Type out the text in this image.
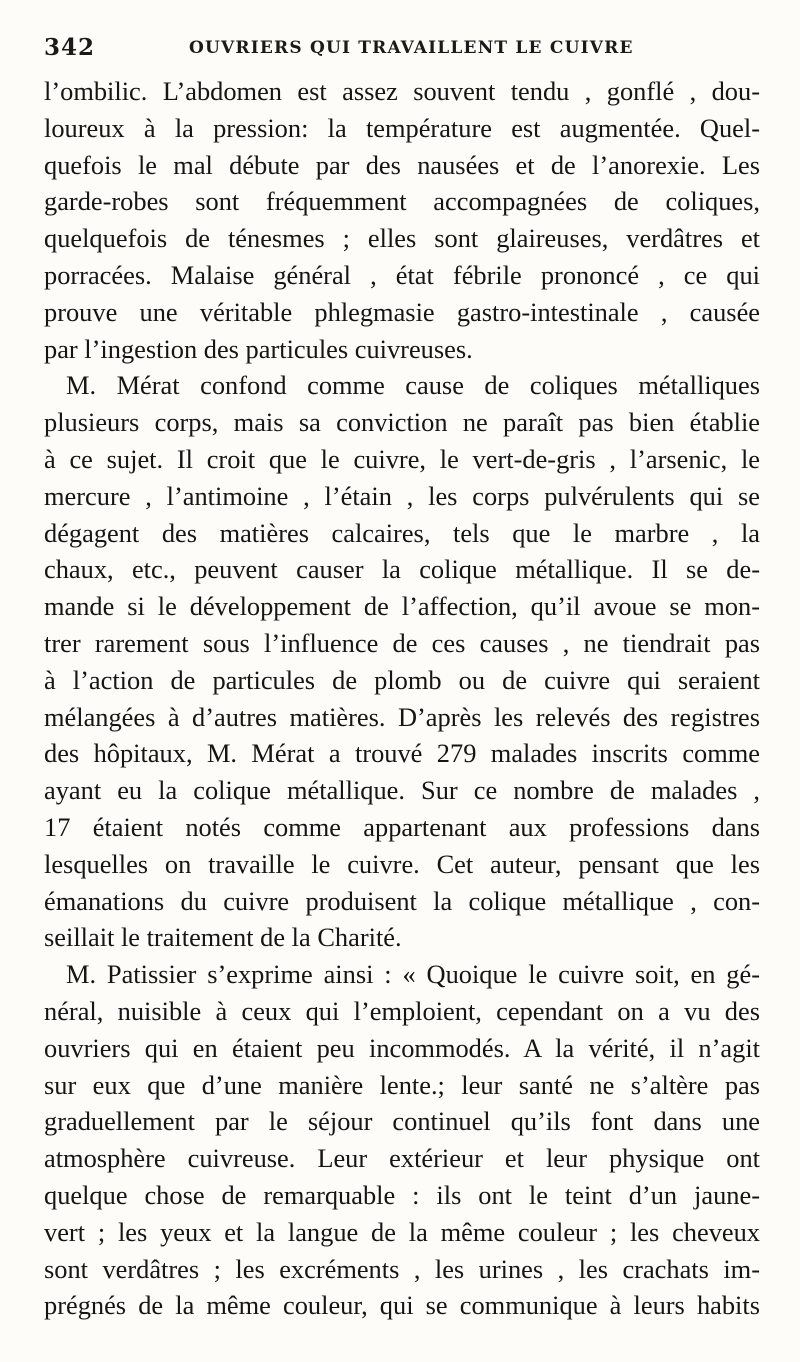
342	OUVRIERS QUI TRAVAILLENT LE CUIVRE
l’ombilic. L’abdomen est assez souvent tendu , gonflé , dou-
loureux à la pression: la température est augmentée. Quel-
quefois le mal débute par des nausées et de l’anorexie. Les
garde-robes sont fréquemment accompagnées de coliques,
quelquefois de ténesmes ; elles sont glaireuses, verdâtres et
porracées. Malaise général , état fébrile prononcé , ce qui
prouve une véritable phlegmasie gastro-intestinale , causée
par l’ingestion des particules cuivreuses.
M. Mérat confond comme cause de coliques métalliques
plusieurs corps, mais sa conviction ne paraît pas bien établie
à ce sujet. Il croit que le cuivre, le vert-de-gris , l’arsenic, le
mercure , l’antimoine , l’étain , les corps pulvérulents qui se
dégagent des matières calcaires, tels que le marbre , la
chaux, etc., peuvent causer la colique métallique. Il se de-
mande si le développement de l’affection, qu’il avoue se mon-
trer rarement sous l’influence de ces causes , ne tiendrait pas
à l’action de particules de plomb ou de cuivre qui seraient
mélangées à d’autres matières. D’après les relevés des registres
des hôpitaux, M. Mérat a trouvé 279 malades inscrits comme
ayant eu la colique métallique. Sur ce nombre de malades ,
17 étaient notés comme appartenant aux professions dans
lesquelles on travaille le cuivre. Cet auteur, pensant que les
émanations du cuivre produisent la colique métallique , con-
seillait le traitement de la Charité.
M. Patissier s’exprime ainsi : « Quoique le cuivre soit, en gé-
néral, nuisible à ceux qui l’emploient, cependant on a vu des
ouvriers qui en étaient peu incommodés. A la vérité, il n’agit
sur eux que d’une manière lente.; leur santé ne s’altère pas
graduellement par le séjour continuel qu’ils font dans une
atmosphère cuivreuse. Leur extérieur et leur physique ont
quelque chose de remarquable : ils ont le teint d’un jaune-
vert ; les yeux et la langue de la même couleur ; les cheveux
sont verdâtres ; les excréments , les urines , les crachats im-
prégnés de la même couleur, qui se communique à leurs habits
